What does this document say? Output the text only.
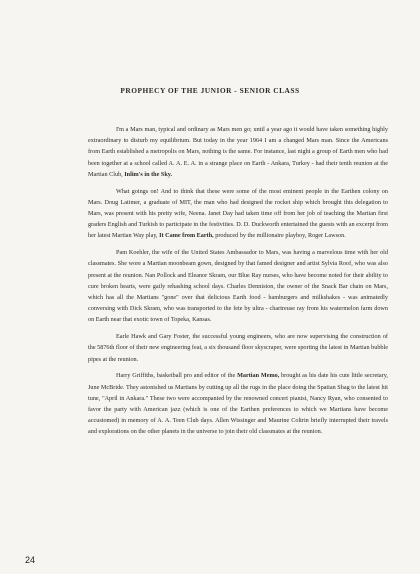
PROPHECY OF THE JUNIOR - SENIOR CLASS

I'm a Mars man, typical and ordinary as Mars men go; until a year ago it would have taken something highly extraordinary to disturb my equilibrium. But today in the year 1964 I am a changed Mars man. Since the Americans from Earth established a metropolis on Mars, nothing is the same. For instance, last night a group of Earth men who had been together at a school called A. A. E. A. in a strange place on Earth - Ankara, Turkey - had their tenth reunion at the Martian Club, Inlim's in the Sky.

What goings on! And to think that these were some of the most eminent people in the Earthen colony on Mars. Doug Latimer, a graduate of MIT, the man who had designed the rocket ship which brought this delegation to Mars, was present with his pretty wife, Neena. Janet Day had taken time off from her job of teaching the Martian first graders English and Turkish to participate in the festivities. D. D. Duckworth entertained the guests with an excerpt from her latest Martian Way play, It Came from Earth, produced by the millionaire playboy, Roger Lawson.

Pam Koehler, the wife of the United States Ambassador to Mars, was having a marvelous time with her old classmates. She wore a Martian moonbeam gown, designed by that famed designer and artist Sylvia Roof, who was also present at the reunion. Nan Pollock and Eleanor Skram, our Blue Ray nurses, who have become noted for their ability to cure broken hearts, were gaily rehashing school days. Charles Denniston, the owner of the Snack Bar chain on Mars, which has all the Martians "gone" over that delicious Earth food - hamburgers and milkshakes - was animatedly conversing with Dick Skram, who was transported to the fete by ultra - chartreuse ray from his watermelon farm down on Earth near that exotic town of Topeka, Kansas.

Earle Hawk and Gary Foster, the successful young engineers, who are now supervising the construction of the 5876th floor of their new engineering feat, a six thousand floor skyscraper, were sporting the latest in Martian bubble pipes at the reunion.

Harry Griffiths, basketball pro and editor of the Martian Memo, brought as his date his cute little secretary, June McBride. They astonished us Martians by cutting up all the rugs in the place doing the Spatian Shag to the latest hit tune, "April in Ankara." These two were accompanied by the renowned concert pianist, Nancy Ryan, who consented to favor the party with American jazz (which is one of the Earthen preferences to which we Martians have become accustomed) in memory of A. A. Teen Club days. Allen Wissinger and Maurine Coltrin briefly interrupted their travels and explorations on the other planets in the universe to join their old classmates at the reunion.

24
